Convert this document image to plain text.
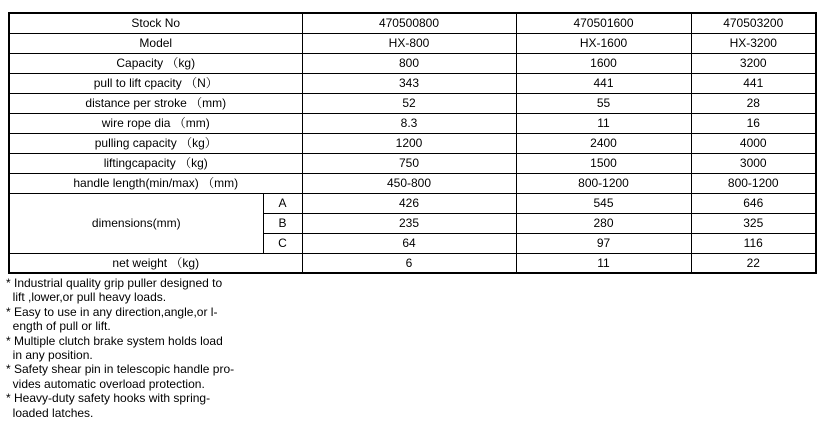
Stock No		470500800	470501600	470503200
Model		HX-800	HX-1600	HX-3200
Capacity （kg)		800	1600	3200
pull to lift cpacity （N）		343	441	441
distance per stroke （mm)		52	55	28
wire rope dia （mm)		8.3	11	16
pulling capacity （kg）		1200	2400	4000
liftingcapacity （kg)		750	1500	3000
handle length(min/max) （mm)		450-800	800-1200	800-1200
dimensions(mm)	A	426	545	646
	B	235	280	325
	C	64	97	116
net weight （kg)		6	11	22
* Industrial quality grip puller designed to
lift ,lower,or pull heavy loads.
* Easy to use in any direction,angle,or l-
ength of pull or lift.
* Multiple clutch brake system holds load
in any position.
* Safety shear pin in telescopic handle pro-
vides automatic overload protection.
* Heavy-duty safety hooks with spring-
loaded latches.
